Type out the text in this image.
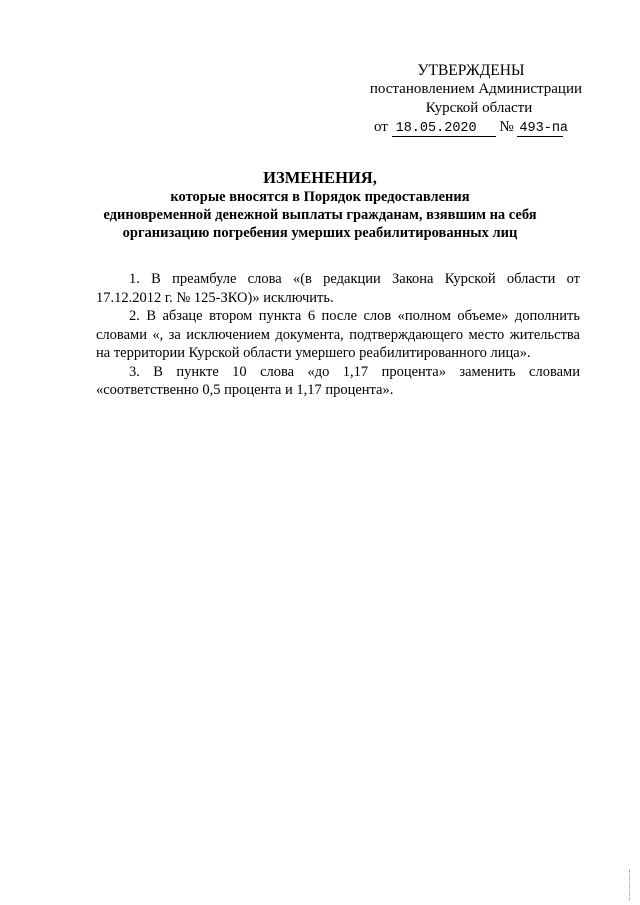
УТВЕРЖДЕНЫ
постановлением Администрации
Курской области
от 18.05.2020 № 493-па
ИЗМЕНЕНИЯ,
которые вносятся в Порядок предоставления
единовременной денежной выплаты гражданам, взявшим на себя
организацию погребения умерших реабилитированных лиц

1. В преамбуле слова «(в редакции Закона Курской области от 17.12.2012 г. № 125-ЗКО)» исключить.

2. В абзаце втором пункта 6 после слов «полном объеме» дополнить словами «, за исключением документа, подтверждающего место жительства на территории Курской области умершего реабилитированного лица».

3. В пункте 10 слова «до 1,17 процента» заменить словами «соответственно 0,5 процента и 1,17 процента».
